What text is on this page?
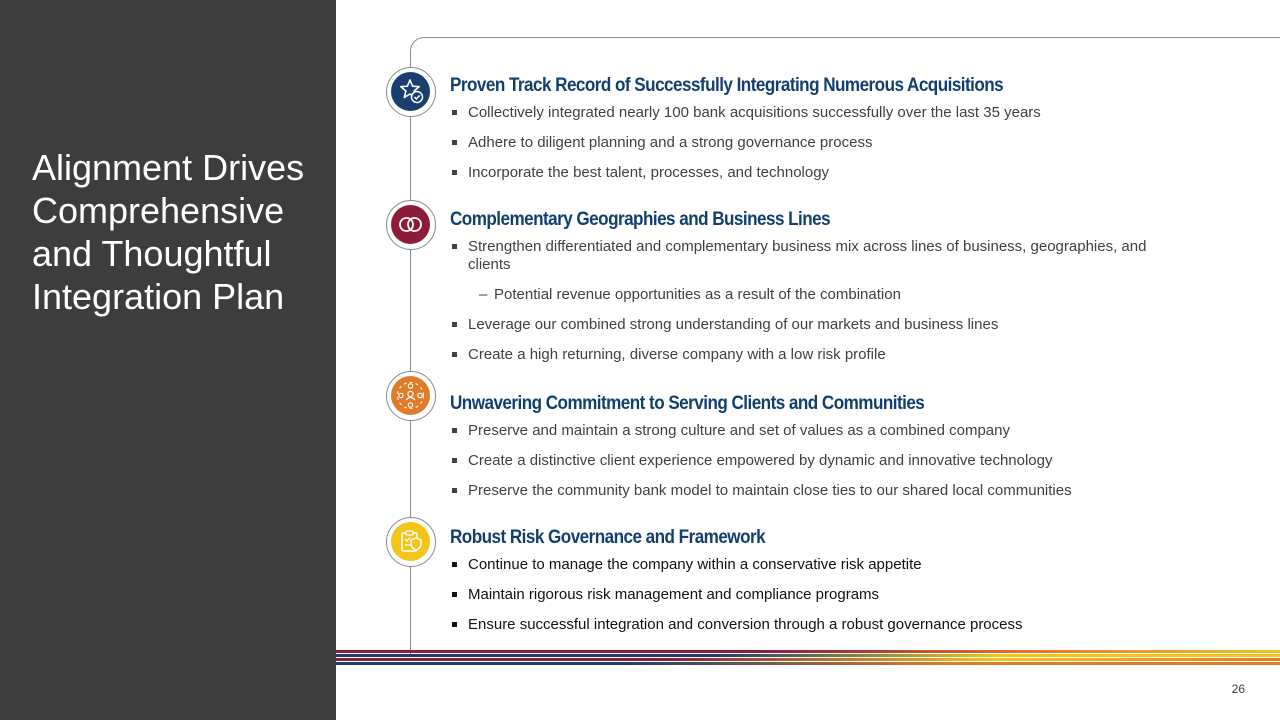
Alignment Drives
Comprehensive
and Thoughtful
Integration Plan
Proven Track Record of Successfully Integrating Numerous Acquisitions
Collectively integrated nearly 100 bank acquisitions successfully over the last 35 years
Adhere to diligent planning and a strong governance process
Incorporate the best talent, processes, and technology
Complementary Geographies and Business Lines
Strengthen differentiated and complementary business mix across lines of business, geographies, and clients
– Potential revenue opportunities as a result of the combination
Leverage our combined strong understanding of our markets and business lines
Create a high returning, diverse company with a low risk profile
Unwavering Commitment to Serving Clients and Communities
Preserve and maintain a strong culture and set of values as a combined company
Create a distinctive client experience empowered by dynamic and innovative technology
Preserve the community bank model to maintain close ties to our shared local communities
Robust Risk Governance and Framework
Continue to manage the company within a conservative risk appetite
Maintain rigorous risk management and compliance programs
Ensure successful integration and conversion through a robust governance process
26
